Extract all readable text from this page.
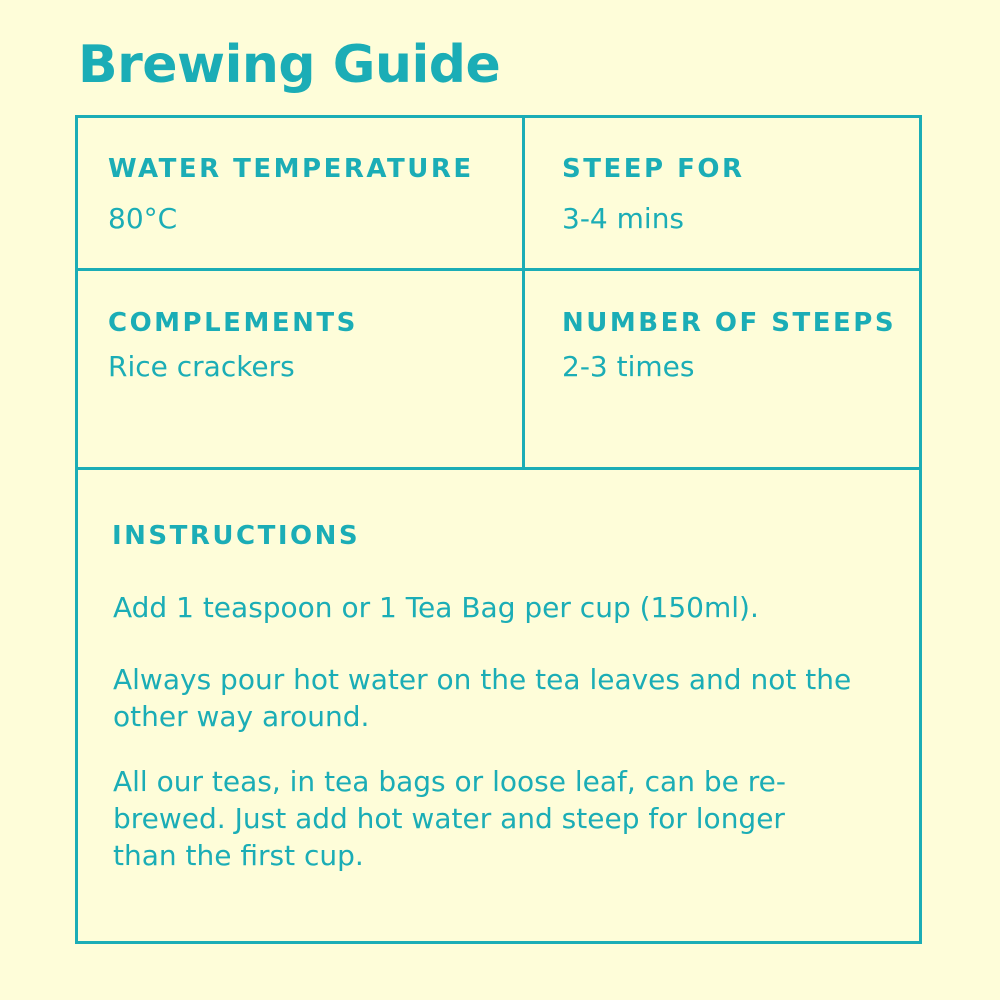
Brewing Guide
WATER TEMPERATURE
80°C
STEEP FOR
3-4 mins
COMPLEMENTS
Rice crackers
NUMBER OF STEEPS
2-3 times
INSTRUCTIONS

Add 1 teaspoon or 1 Tea Bag per cup (150ml).

Always pour hot water on the tea leaves and not the other way around.

All our teas, in tea bags or loose leaf, can be re-brewed. Just add hot water and steep for longer than the first cup.
